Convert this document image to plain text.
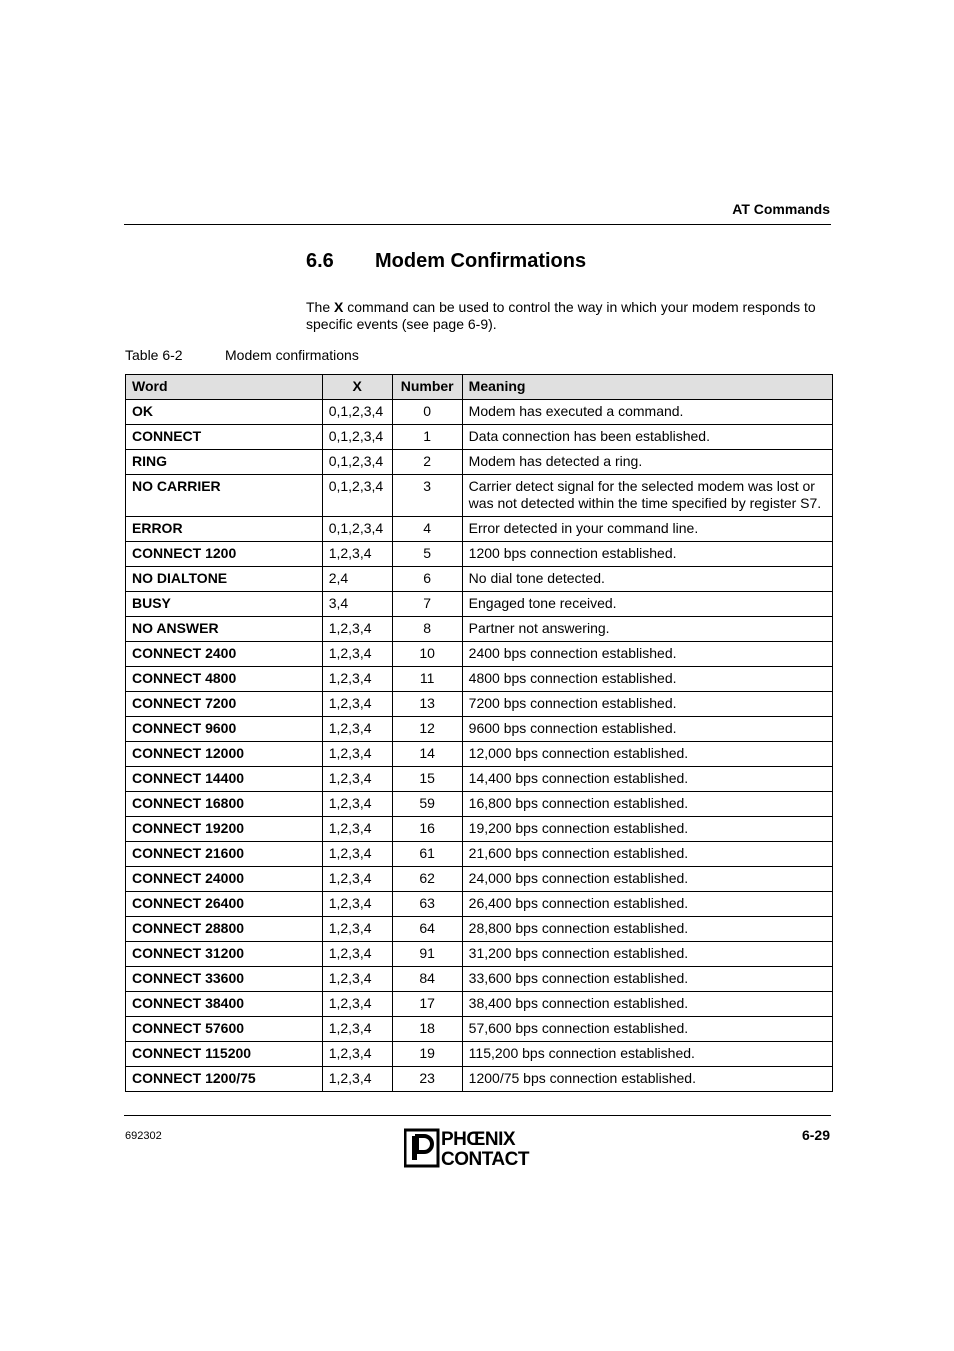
AT Commands
6.6 Modem Confirmations

The X command can be used to control the way in which your modem responds to specific events (see page 6-9).

Table 6-2	Modem confirmations
Word	X	Number	Meaning
OK	0,1,2,3,4	0	Modem has executed a command.
CONNECT	0,1,2,3,4	1	Data connection has been established.
RING	0,1,2,3,4	2	Modem has detected a ring.
NO CARRIER	0,1,2,3,4	3	Carrier detect signal for the selected modem was lost or was not detected within the time specified by register S7.
ERROR	0,1,2,3,4	4	Error detected in your command line.
CONNECT 1200	1,2,3,4	5	1200 bps connection established.
NO DIALTONE	2,4	6	No dial tone detected.
BUSY	3,4	7	Engaged tone received.
NO ANSWER	1,2,3,4	8	Partner not answering.
CONNECT 2400	1,2,3,4	10	2400 bps connection established.
CONNECT 4800	1,2,3,4	11	4800 bps connection established.
CONNECT 7200	1,2,3,4	13	7200 bps connection established.
CONNECT 9600	1,2,3,4	12	9600 bps connection established.
CONNECT 12000	1,2,3,4	14	12,000 bps connection established.
CONNECT 14400	1,2,3,4	15	14,400 bps connection established.
CONNECT 16800	1,2,3,4	59	16,800 bps connection established.
CONNECT 19200	1,2,3,4	16	19,200 bps connection established.
CONNECT 21600	1,2,3,4	61	21,600 bps connection established.
CONNECT 24000	1,2,3,4	62	24,000 bps connection established.
CONNECT 26400	1,2,3,4	63	26,400 bps connection established.
CONNECT 28800	1,2,3,4	64	28,800 bps connection established.
CONNECT 31200	1,2,3,4	91	31,200 bps connection established.
CONNECT 33600	1,2,3,4	84	33,600 bps connection established.
CONNECT 38400	1,2,3,4	17	38,400 bps connection established.
CONNECT 57600	1,2,3,4	18	57,600 bps connection established.
CONNECT 115200	1,2,3,4	19	115,200 bps connection established.
CONNECT 1200/75	1,2,3,4	23	1200/75 bps connection established.
692302	PHŒNIX
CONTACT
6-29
